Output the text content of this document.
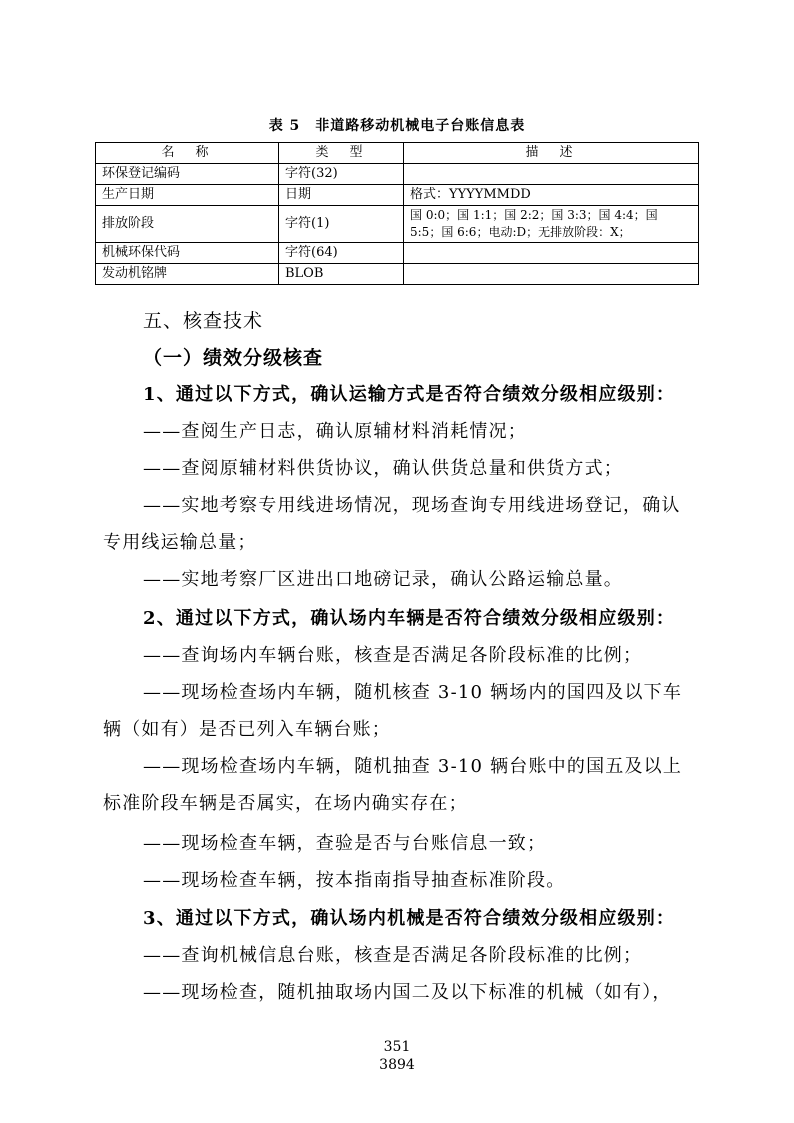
表 5　非道路移动机械电子台账信息表
名　称	类　型	描　述
环保登记编码	字符(32)	
生产日期	日期	格式：YYYYMMDD
排放阶段	字符(1)	国 0:0；国 1:1；国 2:2；国 3:3；国 4:4；国 5:5；国 6:6；电动:D；无排放阶段：X；
机械环保代码	字符(64)	
发动机铭牌	BLOB	
五、核查技术
（一）绩效分级核查
1、通过以下方式，确认运输方式是否符合绩效分级相应级别：
——查阅生产日志，确认原辅材料消耗情况；
——查阅原辅材料供货协议，确认供货总量和供货方式；
——实地考察专用线进场情况，现场查询专用线进场登记，确认专用线运输总量；
——实地考察厂区进出口地磅记录，确认公路运输总量。
2、通过以下方式，确认场内车辆是否符合绩效分级相应级别：
——查询场内车辆台账，核查是否满足各阶段标准的比例；
——现场检查场内车辆，随机核查 3-10 辆场内的国四及以下车辆（如有）是否已列入车辆台账；
——现场检查场内车辆，随机抽查 3-10 辆台账中的国五及以上标准阶段车辆是否属实，在场内确实存在；
——现场检查车辆，查验是否与台账信息一致；
——现场检查车辆，按本指南指导抽查标准阶段。
3、通过以下方式，确认场内机械是否符合绩效分级相应级别：
——查询机械信息台账，核查是否满足各阶段标准的比例；
——现场检查，随机抽取场内国二及以下标准的机械（如有），
351
3894
